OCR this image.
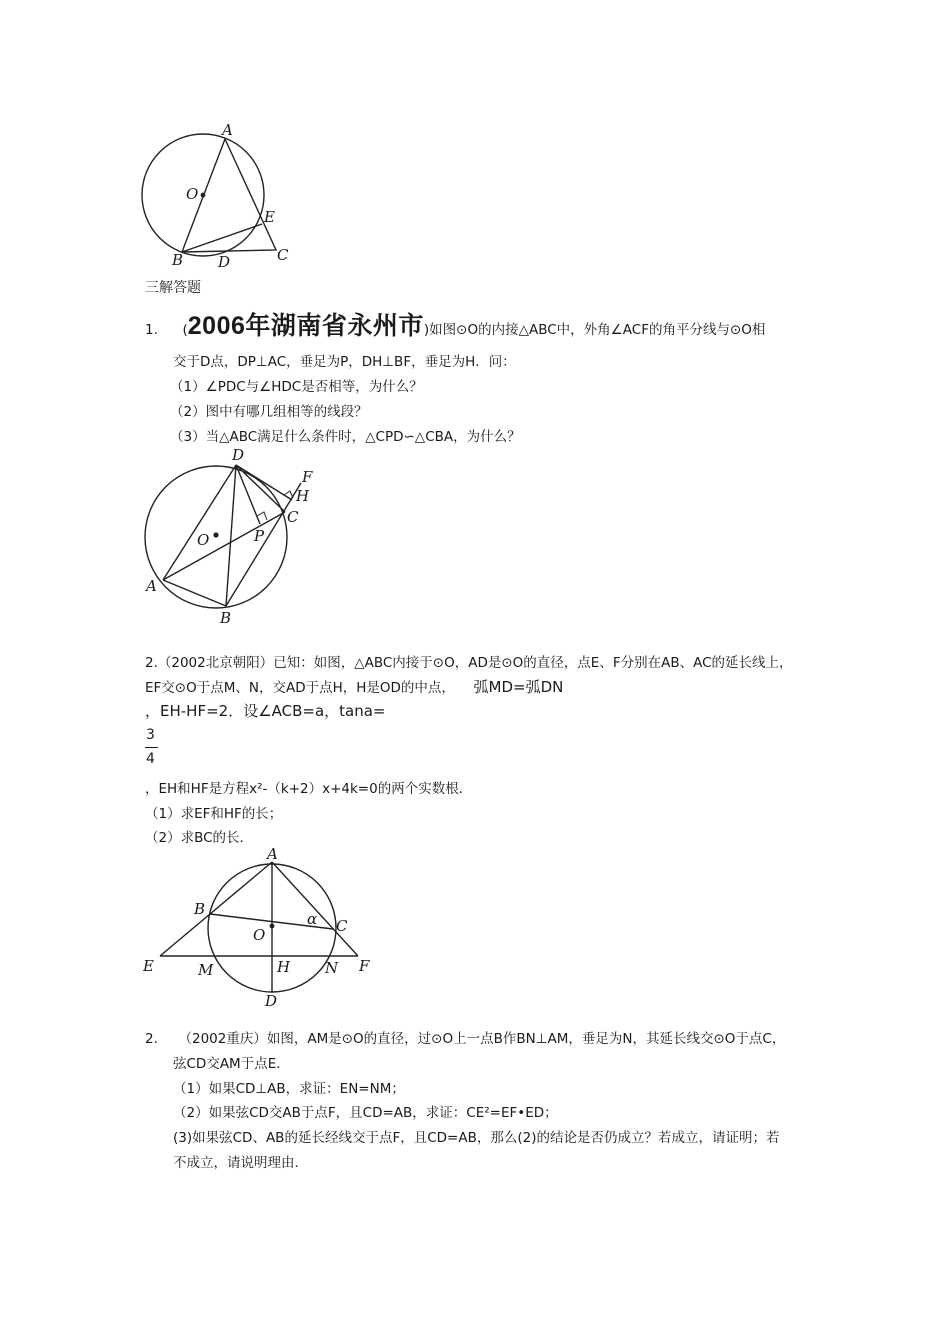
A
O
E
B D	C
三解答题
1. (2006年湖南省永州市)如图⊙O的内接△ABC中，外角∠ACF的角平分线与⊙O相
交于D点，DP⊥AC，垂足为P，DH⊥BF，垂足为H．问：
（1）∠PDC与∠HDC是否相等，为什么？
（2）图中有哪几组相等的线段？
（3）当△ABC满足什么条件时，△CPD∽△CBA，为什么？
D
F
H
C
O	P
A
B
2.（2002北京朝阳）已知：如图，△ABC内接于⊙O，AD是⊙O的直径，点E、F分别在AB、AC的延长线上，
EF交⊙O于点M、N，交AD于点H，H是OD的中点， 弧MD=弧DN
，EH-HF=2．设∠ACB=a，tana=
3
4
，EH和HF是方程x²-（k+2）x+4k=0的两个实数根．
（1）求EF和HF的长；
（2）求BC的长．
A
B
α C
O
E	M	H N F
D
2. （2002重庆）如图，AM是⊙O的直径，过⊙O上一点B作BN⊥AM，垂足为N，其延长线交⊙O于点C，
弦CD交AM于点E．
（1）如果CD⊥AB，求证：EN=NM；
（2）如果弦CD交AB于点F，且CD=AB，求证：CE²=EF•ED；
(3)如果弦CD、AB的延长经线交于点F，且CD=AB，那么(2)的结论是否仍成立？若成立，请证明；若
不成立，请说明理由．
